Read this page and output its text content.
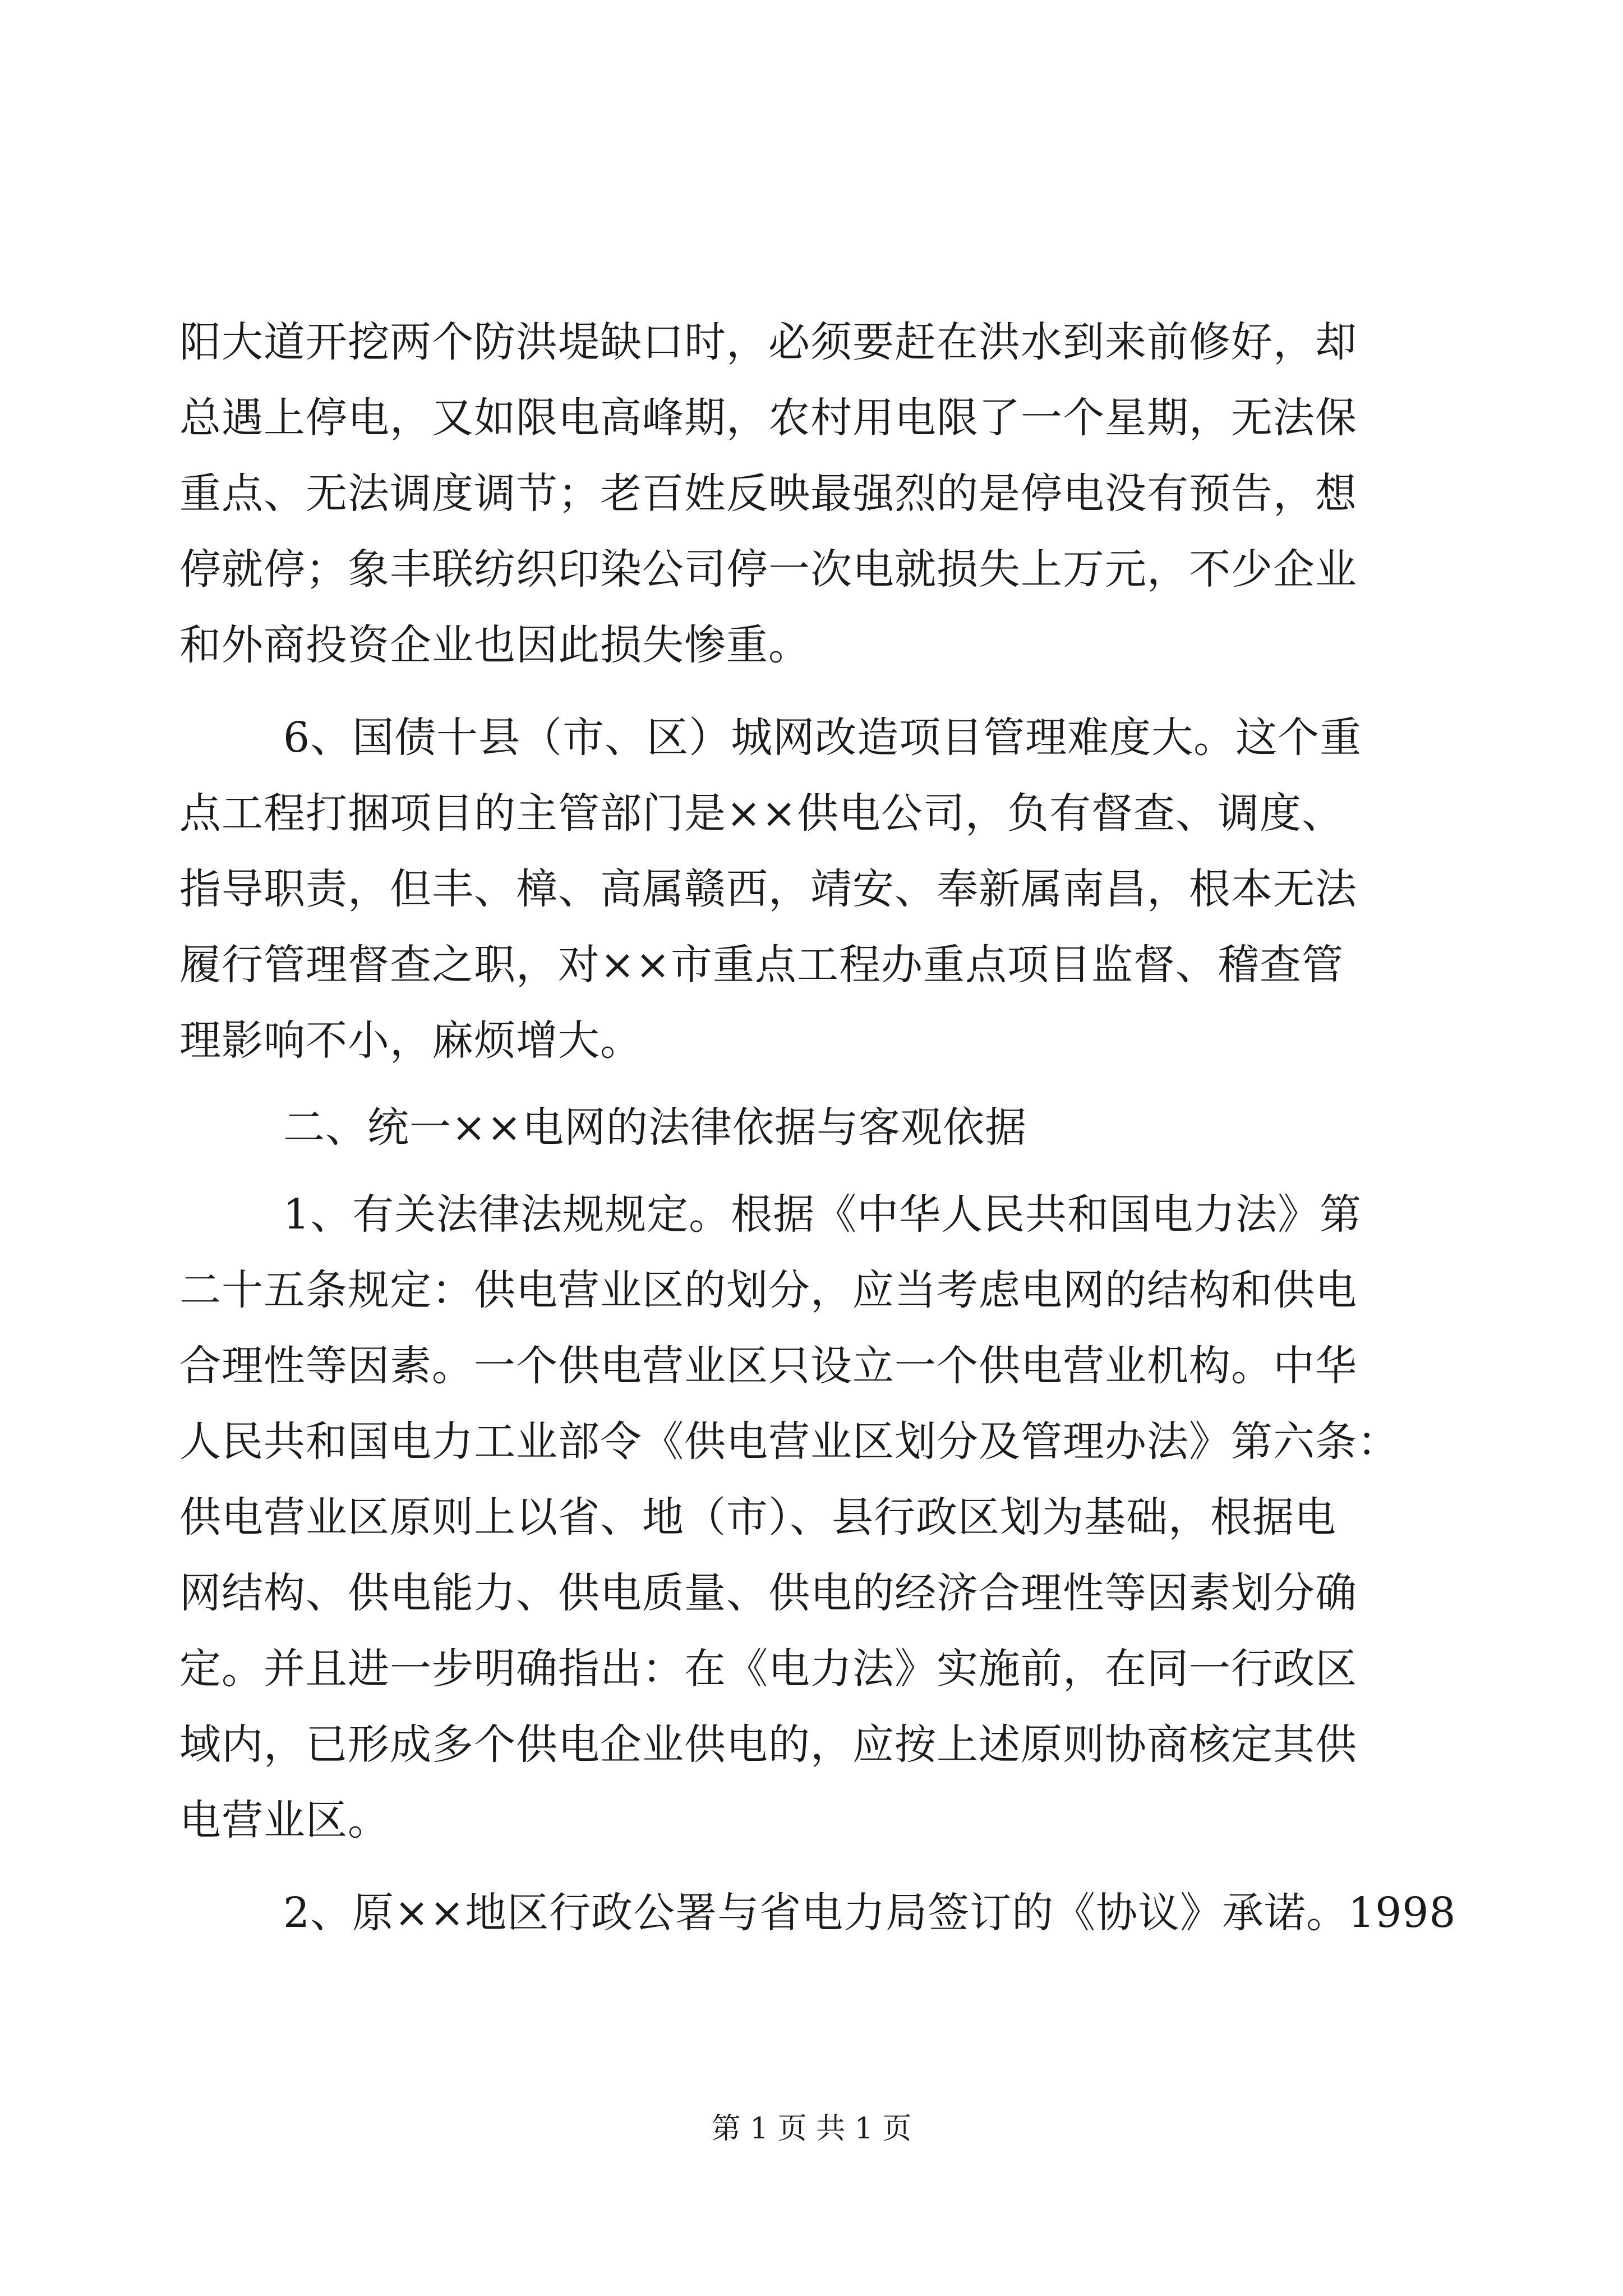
阳大道开挖两个防洪堤缺口时，必须要赶在洪水到来前修好，却
总遇上停电，又如限电高峰期，农村用电限了一个星期，无法保
重点、无法调度调节；老百姓反映最强烈的是停电没有预告，想
停就停；象丰联纺织印染公司停一次电就损失上万元，不少企业
和外商投资企业也因此损失惨重。
6、国债十县（市、区）城网改造项目管理难度大。这个重
点工程打捆项目的主管部门是××供电公司，负有督查、调度、
指导职责，但丰、樟、高属赣西，靖安、奉新属南昌，根本无法
履行管理督查之职，对××市重点工程办重点项目监督、稽查管
理影响不小，麻烦增大。
二、统一××电网的法律依据与客观依据
1、有关法律法规规定。根据《中华人民共和国电力法》第
二十五条规定：供电营业区的划分，应当考虑电网的结构和供电
合理性等因素。一个供电营业区只设立一个供电营业机构。中华
人民共和国电力工业部令《供电营业区划分及管理办法》第六条：
供电营业区原则上以省、地（市）、县行政区划为基础，根据电
网结构、供电能力、供电质量、供电的经济合理性等因素划分确
定。并且进一步明确指出：在《电力法》实施前，在同一行政区
域内，已形成多个供电企业供电的，应按上述原则协商核定其供
电营业区。
2、原××地区行政公署与省电力局签订的《协议》承诺。1998
第 1 页 共 1 页
